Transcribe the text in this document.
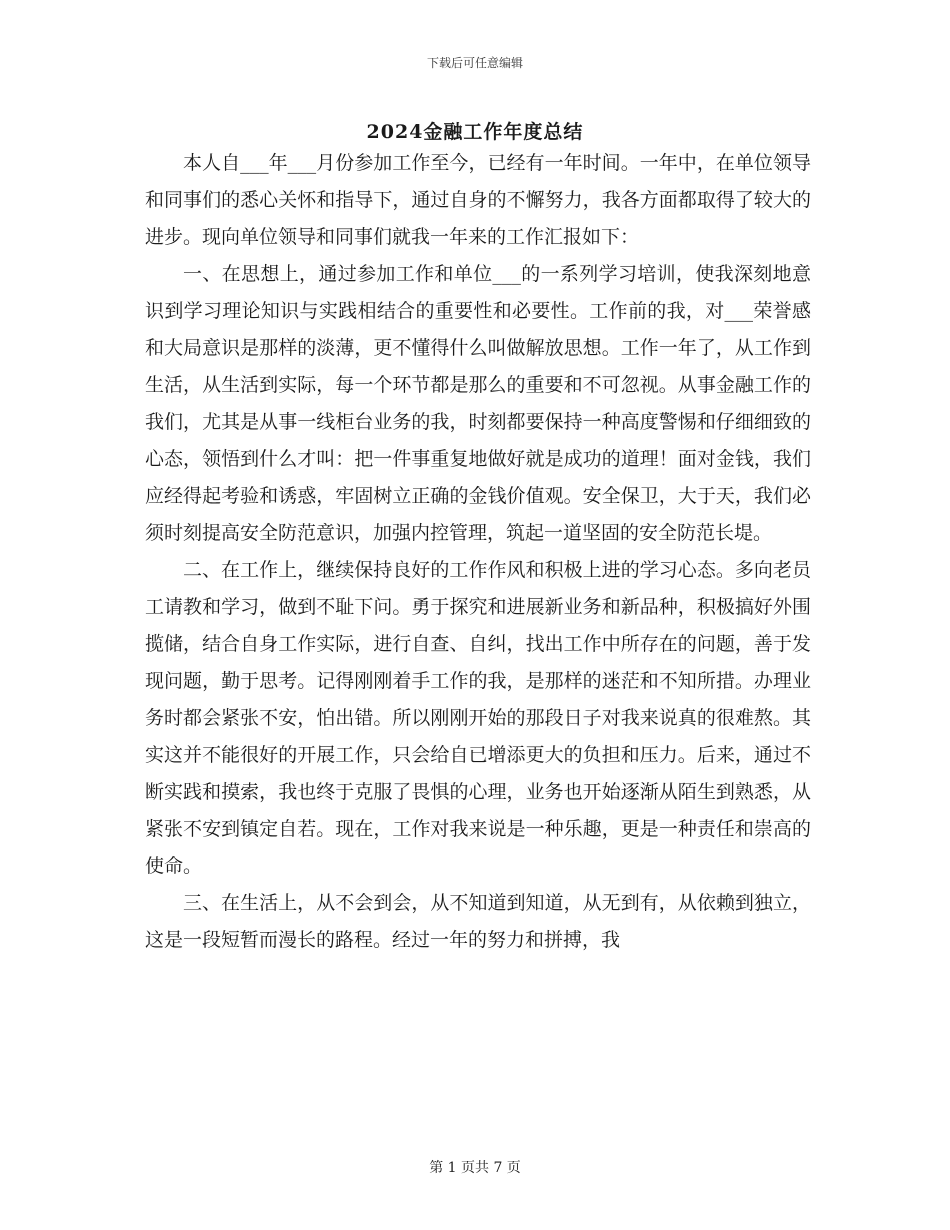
下载后可任意编辑
2024金融工作年度总结

本人自___年___月份参加工作至今，已经有一年时间。一年中，在单位领导和同事们的悉心关怀和指导下，通过自身的不懈努力，我各方面都取得了较大的进步。现向单位领导和同事们就我一年来的工作汇报如下：

一、在思想上，通过参加工作和单位___的一系列学习培训，使我深刻地意识到学习理论知识与实践相结合的重要性和必要性。工作前的我，对___荣誉感和大局意识是那样的淡薄，更不懂得什么叫做解放思想。工作一年了，从工作到生活，从生活到实际，每一个环节都是那么的重要和不可忽视。从事金融工作的我们，尤其是从事一线柜台业务的我，时刻都要保持一种高度警惕和仔细细致的心态，领悟到什么才叫：把一件事重复地做好就是成功的道理！面对金钱，我们应经得起考验和诱惑，牢固树立正确的金钱价值观。安全保卫，大于天，我们必须时刻提高安全防范意识，加强内控管理，筑起一道坚固的安全防范长堤。

二、在工作上，继续保持良好的工作作风和积极上进的学习心态。多向老员工请教和学习，做到不耻下问。勇于探究和进展新业务和新品种，积极搞好外围揽储，结合自身工作实际，进行自查、自纠，找出工作中所存在的问题，善于发现问题，勤于思考。记得刚刚着手工作的我，是那样的迷茫和不知所措。办理业务时都会紧张不安，怕出错。所以刚刚开始的那段日子对我来说真的很难熬。其实这并不能很好的开展工作，只会给自已增添更大的负担和压力。后来，通过不断实践和摸索，我也终于克服了畏惧的心理，业务也开始逐渐从陌生到熟悉，从紧张不安到镇定自若。现在，工作对我来说是一种乐趣，更是一种责任和崇高的使命。

三、在生活上，从不会到会，从不知道到知道，从无到有，从依赖到独立，这是一段短暂而漫长的路程。经过一年的努力和拼搏，我

第 1 页共 7 页
